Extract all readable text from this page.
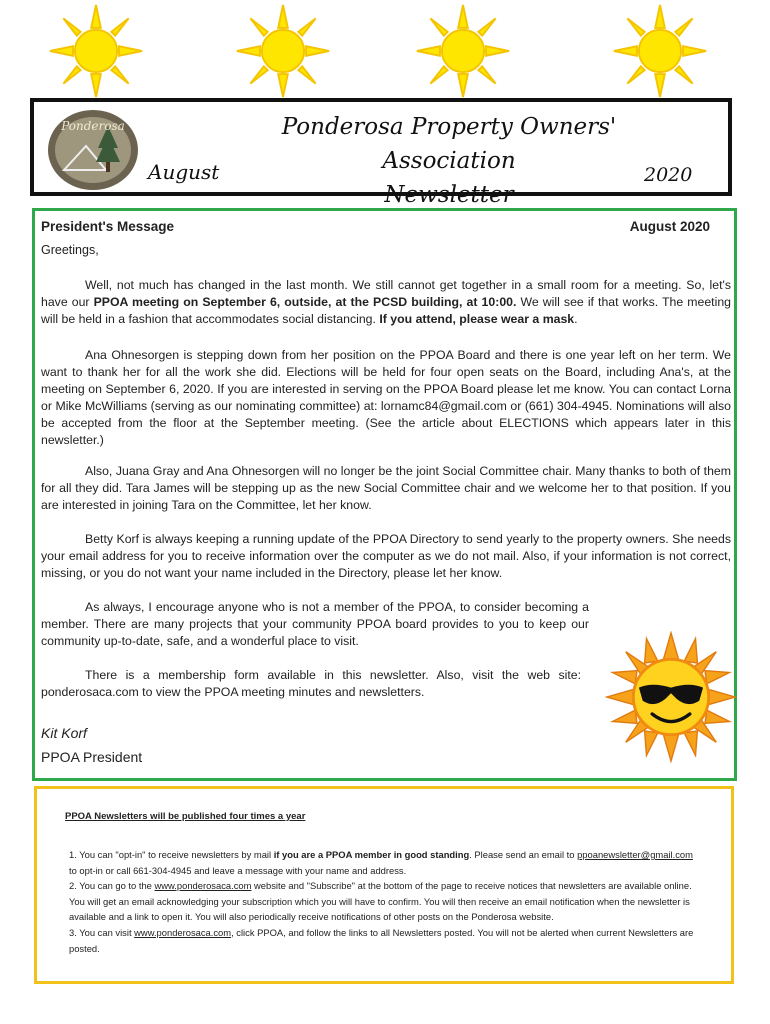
Ponderosa	Ponderosa Property Owners' Association
Newsletter
August	2020
President's Message	August 2020
Greetings,
Well, not much has changed in the last month. We still cannot get together in a small room for a meeting. So, let's have our PPOA meeting on September 6, outside, at the PCSD building, at 10:00. We will see if that works. The meeting will be held in a fashion that accommodates social distancing. If you attend, please wear a mask.
Ana Ohnesorgen is stepping down from her position on the PPOA Board and there is one year left on her term. We want to thank her for all the work she did. Elections will be held for four open seats on the Board, including Ana's, at the meeting on September 6, 2020. If you are interested in serving on the PPOA Board please let me know. You can contact Lorna or Mike McWilliams (serving as our nominating committee) at: lornamc84@gmail.com or (661) 304-4945. Nominations will also be accepted from the floor at the September meeting. (See the article about ELECTIONS which appears later in this newsletter.)
Also, Juana Gray and Ana Ohnesorgen will no longer be the joint Social Committee chair. Many thanks to both of them for all they did. Tara James will be stepping up as the new Social Committee chair and we welcome her to that position. If you are interested in joining Tara on the Committee, let her know.
Betty Korf is always keeping a running update of the PPOA Directory to send yearly to the property owners. She needs your email address for you to receive information over the computer as we do not mail. Also, if your information is not correct, missing, or you do not want your name included in the Directory, please let her know.
As always, I encourage anyone who is not a member of the PPOA, to consider becoming a member. There are many projects that your community PPOA board provides to you to keep our community up-to-date, safe, and a wonderful place to visit.
There is a membership form available in this newsletter. Also, visit the web site: ponderosaca.com to view the PPOA meeting minutes and newsletters.
Kit Korf
PPOA President
PPOA Newsletters will be published four times a year

1. You can "opt-in" to receive newsletters by mail if you are a PPOA member in good standing. Please send an email to ppoanewsletter@gmail.com to opt-in or call 661-304-4945 and leave a message with your name and address.

2. You can go to the www.ponderosaca.com website and "Subscribe" at the bottom of the page to receive notices that newsletters are available online. You will get an email acknowledging your subscription which you will have to confirm. You will then receive an email notification when the newsletter is available and a link to open it. You will also periodically receive notifications of other posts on the Ponderosa website.

3. You can visit www.ponderosaca.com, click PPOA, and follow the links to all Newsletters posted. You will not be alerted when current Newsletters are posted.
